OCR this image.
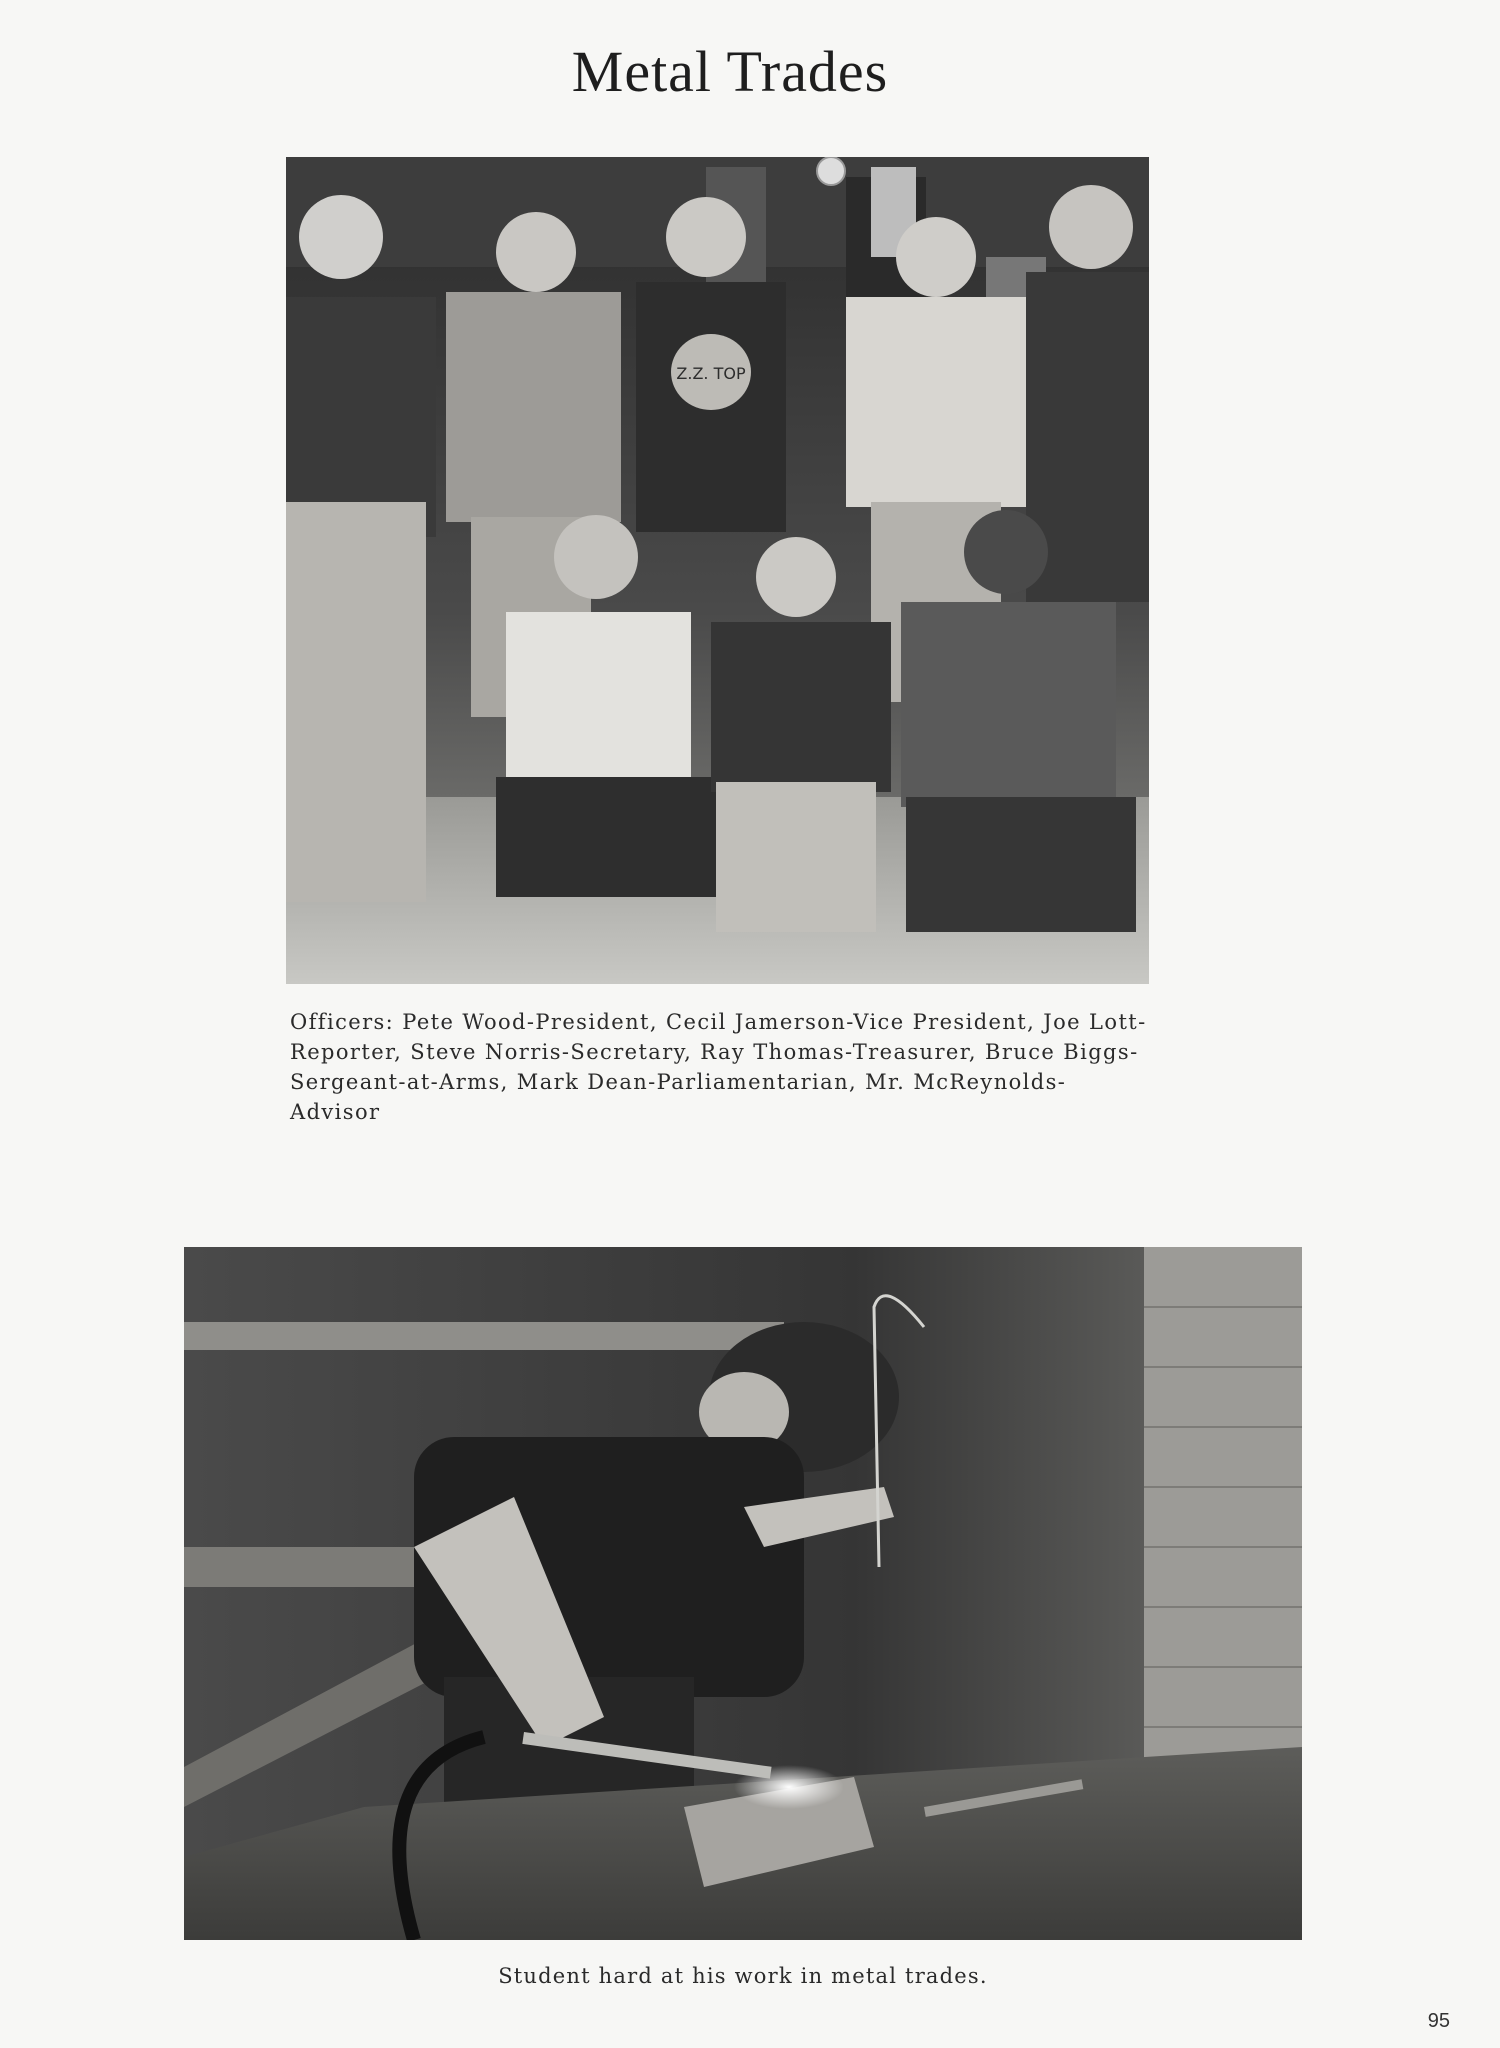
Metal Trades
Z.Z. TOP
Officers: Pete Wood-President, Cecil Jamerson-Vice President, Joe Lott-Reporter, Steve Norris-Secretary, Ray Thomas-Treasurer, Bruce Biggs-Sergeant-at-Arms, Mark Dean-Parliamentarian, Mr. McReynolds-Advisor
Student hard at his work in metal trades.
95
